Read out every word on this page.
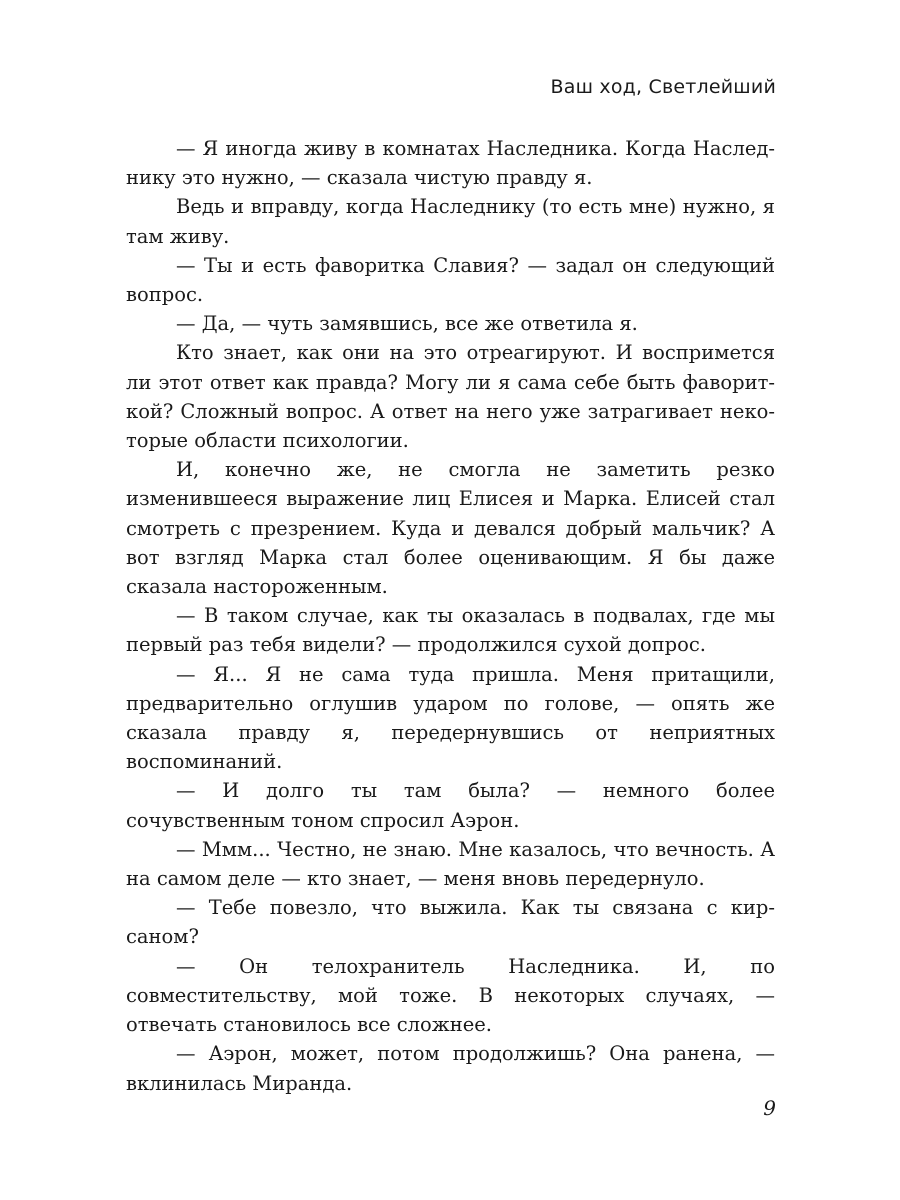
Ваш ход, Светлейший

— Я иногда живу в комнатах Наследника. Когда Наследнику это нужно, — сказала чистую правду я.

Ведь и вправду, когда Наследнику (то есть мне) нужно, я там живу.

— Ты и есть фаворитка Славия? — задал он следующий вопрос.

— Да, — чуть замявшись, все же ответила я.

Кто знает, как они на это отреагируют. И воспримется ли этот ответ как правда? Могу ли я сама себе быть фавориткой? Сложный вопрос. А ответ на него уже затрагивает некоторые области психологии.

И, конечно же, не смогла не заметить резко изменившееся выражение лиц Елисея и Марка. Елисей стал смотреть с презрением. Куда и девался добрый мальчик? А вот взгляд Марка стал более оценивающим. Я бы даже сказала настороженным.

— В таком случае, как ты оказалась в подвалах, где мы первый раз тебя видели? — продолжился сухой допрос.

— Я... Я не сама туда пришла. Меня притащили, предварительно оглушив ударом по голове, — опять же сказала правду я, передернувшись от неприятных воспоминаний.

— И долго ты там была? — немного более сочувственным тоном спросил Аэрон.

— Ммм... Честно, не знаю. Мне казалось, что вечность. А на самом деле — кто знает, — меня вновь передернуло.

— Тебе повезло, что выжила. Как ты связана с кирсаном?

— Он телохранитель Наследника. И, по совместительству, мой тоже. В некоторых случаях, — отвечать становилось все сложнее.

— Аэрон, может, потом продолжишь? Она ранена, — вклинилась Миранда.

9
